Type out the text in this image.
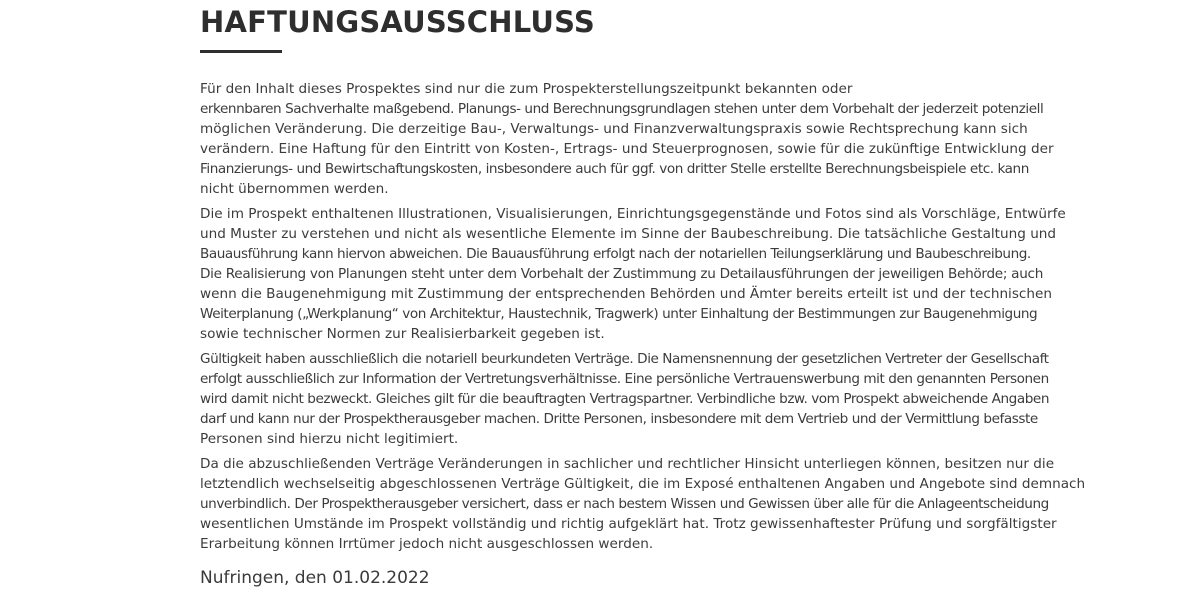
HAFTUNGSAUSSCHLUSS

Für den Inhalt dieses Prospektes sind nur die zum Prospekterstellungszeitpunkt bekannten oder
erkennbaren Sachverhalte maßgebend. Planungs- und Berechnungsgrundlagen stehen unter dem Vorbehalt der jederzeit potenziell
möglichen Veränderung. Die derzeitige Bau-, Verwaltungs- und Finanzverwaltungspraxis sowie Rechtsprechung kann sich
verändern. Eine Haftung für den Eintritt von Kosten-, Ertrags- und Steuerprognosen, sowie für die zukünftige Entwicklung der
Finanzierungs- und Bewirtschaftungskosten, insbesondere auch für ggf. von dritter Stelle erstellte Berechnungsbeispiele etc. kann
nicht übernommen werden.

Die im Prospekt enthaltenen Illustrationen, Visualisierungen, Einrichtungsgegenstände und Fotos sind als Vorschläge, Entwürfe
und Muster zu verstehen und nicht als wesentliche Elemente im Sinne der Baubeschreibung. Die tatsächliche Gestaltung und
Bauausführung kann hiervon abweichen. Die Bauausführung erfolgt nach der notariellen Teilungserklärung und Baubeschreibung.
Die Realisierung von Planungen steht unter dem Vorbehalt der Zustimmung zu Detailausführungen der jeweiligen Behörde; auch
wenn die Baugenehmigung mit Zustimmung der entsprechenden Behörden und Ämter bereits erteilt ist und der technischen
Weiterplanung („Werkplanung“ von Architektur, Haustechnik, Tragwerk) unter Einhaltung der Bestimmungen zur Baugenehmigung
sowie technischer Normen zur Realisierbarkeit gegeben ist.

Gültigkeit haben ausschließlich die notariell beurkundeten Verträge. Die Namensnennung der gesetzlichen Vertreter der Gesellschaft
erfolgt ausschließlich zur Information der Vertretungsverhältnisse. Eine persönliche Vertrauenswerbung mit den genannten Personen
wird damit nicht bezweckt. Gleiches gilt für die beauftragten Vertragspartner. Verbindliche bzw. vom Prospekt abweichende Angaben
darf und kann nur der Prospektherausgeber machen. Dritte Personen, insbesondere mit dem Vertrieb und der Vermittlung befasste
Personen sind hierzu nicht legitimiert.

Da die abzuschließenden Verträge Veränderungen in sachlicher und rechtlicher Hinsicht unterliegen können, besitzen nur die
letztendlich wechselseitig abgeschlossenen Verträge Gültigkeit, die im Exposé enthaltenen Angaben und Angebote sind demnach
unverbindlich. Der Prospektherausgeber versichert, dass er nach bestem Wissen und Gewissen über alle für die Anlageentscheidung
wesentlichen Umstände im Prospekt vollständig und richtig aufgeklärt hat. Trotz gewissenhaftester Prüfung und sorgfältigster
Erarbeitung können Irrtümer jedoch nicht ausgeschlossen werden.

Nufringen, den 01.02.2022
